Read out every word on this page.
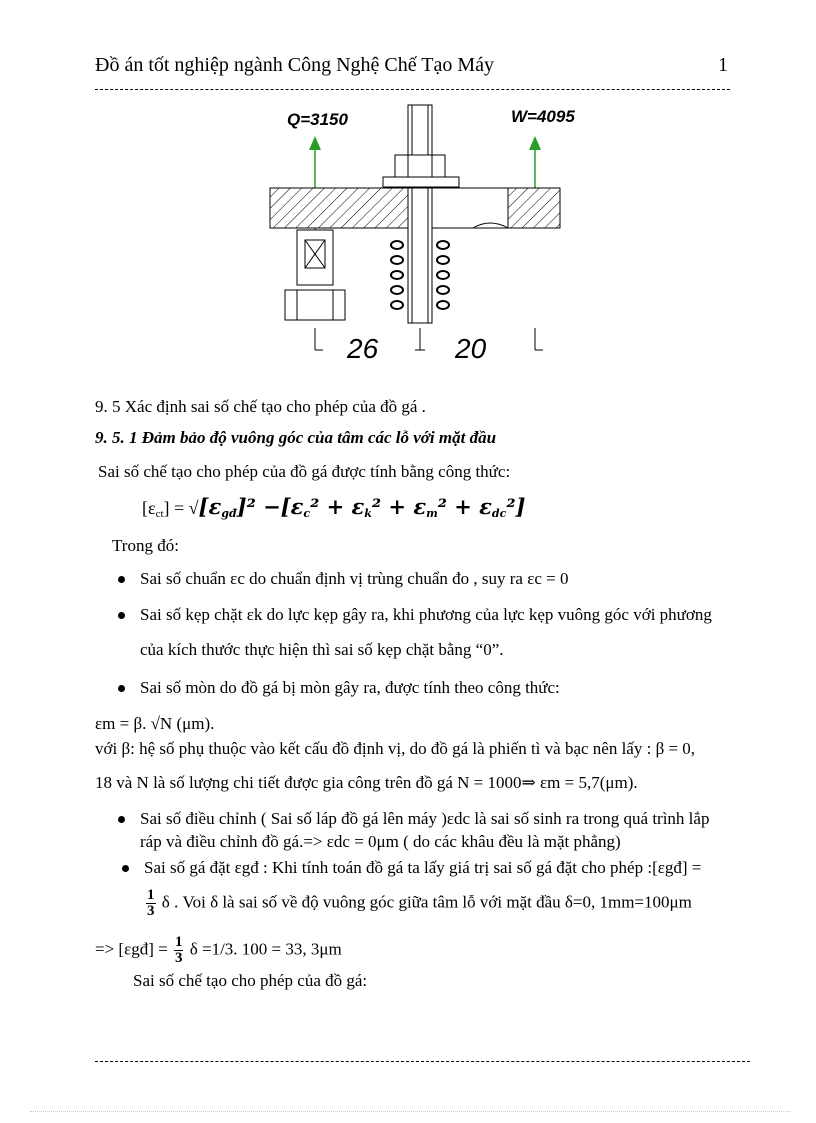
Đồ án tốt nghiệp ngành Công Nghệ Chế Tạo Máy	1
Q=3150	W=4095
26	20
9. 5 Xác định sai số chế tạo cho phép của đồ gá .
9. 5. 1 Đảm bảo độ vuông góc của tâm các lỗ với mặt đầu
Sai số chế tạo cho phép của đồ gá được tính bằng công thức:
$[\varepsilon_{ct}] = √[\varepsilon_{gđ}]^2 -[\varepsilon_c^2 + \varepsilon_k^2 + \varepsilon_m^2 + \varepsilon_{dc}^2]$
Trong đó:
Sai số chuẩn εc do chuẩn định vị trùng chuẩn đo , suy ra εc = 0
Sai số kẹp chặt εk do lực kẹp gây ra, khi phương của lực kẹp vuông góc với phương
của kích thước thực hiện thì sai số kẹp chặt bằng “0”.
Sai số mòn do đồ gá bị mòn gây ra, được tính theo công thức:
εm = β. √N (μm).
với β: hệ số phụ thuộc vào kết cấu đồ định vị, do đồ gá là phiến tì và bạc nên lấy : β = 0,
18 và N là số lượng chi tiết được gia công trên đồ gá N = 1000⇒ εm = 5,7(μm).
Sai số điều chỉnh ( Sai số láp đồ gá lên máy )εdc là sai số sinh ra trong quá trình lắp
ráp và điều chỉnh đồ gá.=> εdc = 0μm ( do các khâu đều là mặt phẳng)
Sai số gá đặt εgđ : Khi tính toán đồ gá ta lấy giá trị sai số gá đặt cho phép :[εgđ] =
$\frac{1}{3}$ δ . Voi δ là sai số về độ vuông góc giữa tâm lỗ với mặt đầu δ=0, 1mm=100μm
=> [εgđ] = $\frac{1}{3}$ δ =1/3. 100 = 33, 3μm
Sai số chế tạo cho phép của đồ gá:
